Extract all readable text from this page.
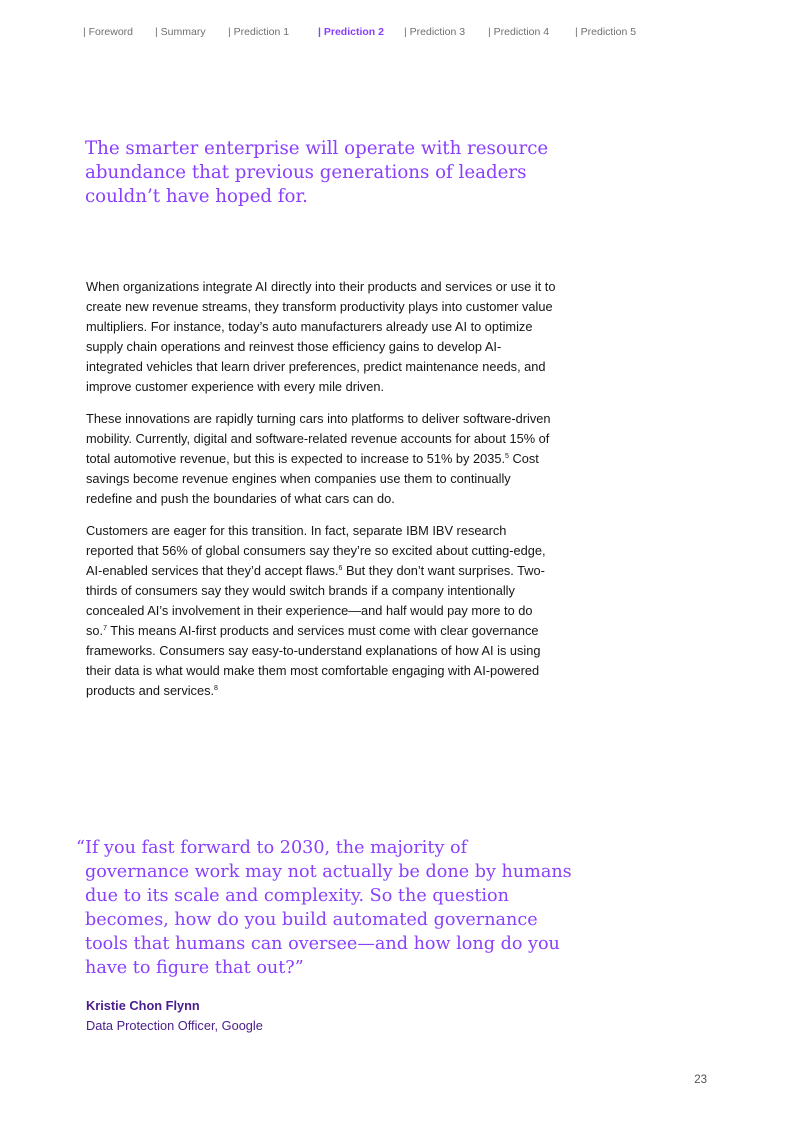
| Foreword | Summary | Prediction 1	| Prediction 2 | Prediction 3 | Prediction 4 | Prediction 5
The smarter enterprise will operate with resource abundance that previous generations of leaders couldn’t have hoped for.

When organizations integrate AI directly into their products and services or use it to create new revenue streams, they transform productivity plays into customer value multipliers. For instance, today’s auto manufacturers already use AI to optimize supply chain operations and reinvest those efficiency gains to develop AI-integrated vehicles that learn driver preferences, predict maintenance needs, and improve customer experience with every mile driven.

These innovations are rapidly turning cars into platforms to deliver software-driven mobility. Currently, digital and software-related revenue accounts for about 15% of total automotive revenue, but this is expected to increase to 51% by 2035.$^5$ Cost savings become revenue engines when companies use them to continually redefine and push the boundaries of what cars can do.

Customers are eager for this transition. In fact, separate IBM IBV research reported that 56% of global consumers say they’re so excited about cutting-edge, AI-enabled services that they’d accept flaws.$^6$ But they don’t want surprises. Two-thirds of consumers say they would switch brands if a company intentionally concealed AI’s involvement in their experience—and half would pay more to do so.$^7$ This means AI-first products and services must come with clear governance frameworks. Consumers say easy-to-understand explanations of how AI is using their data is what would make them most comfortable engaging with AI-powered products and services.$^8$

“If you fast forward to 2030, the majority of governance work may not actually be done by humans due to its scale and complexity. So the question becomes, how do you build automated governance tools that humans can oversee—and how long do you have to figure that out?”
Kristie Chon Flynn
Data Protection Officer, Google
23
